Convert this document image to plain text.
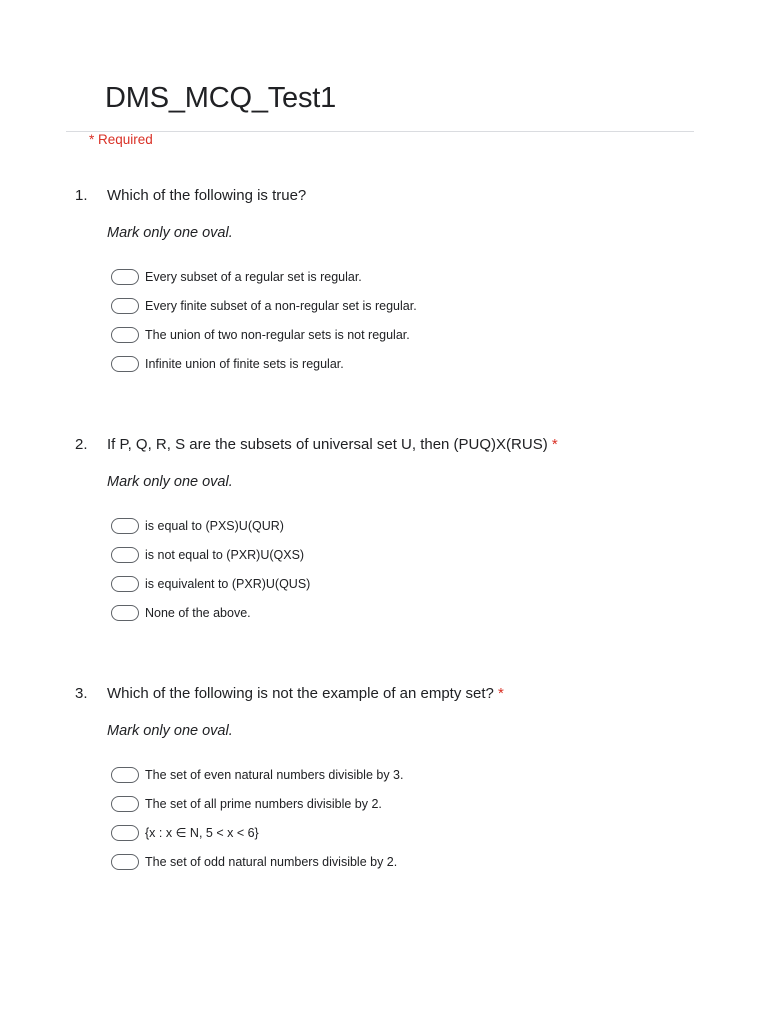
DMS_MCQ_Test1
* Required
1. Which of the following is true?
Mark only one oval.
Every subset of a regular set is regular.
Every finite subset of a non-regular set is regular.
The union of two non-regular sets is not regular.
Infinite union of finite sets is regular.
2. If P, Q, R, S are the subsets of universal set U, then (PUQ)X(RUS) *
Mark only one oval.
is equal to (PXS)U(QUR)
is not equal to (PXR)U(QXS)
is equivalent to (PXR)U(QUS)
None of the above.
3. Which of the following is not the example of an empty set? *
Mark only one oval.
The set of even natural numbers divisible by 3.
The set of all prime numbers divisible by 2.
{x : x ∈ N, 5 < x < 6}
The set of odd natural numbers divisible by 2.
